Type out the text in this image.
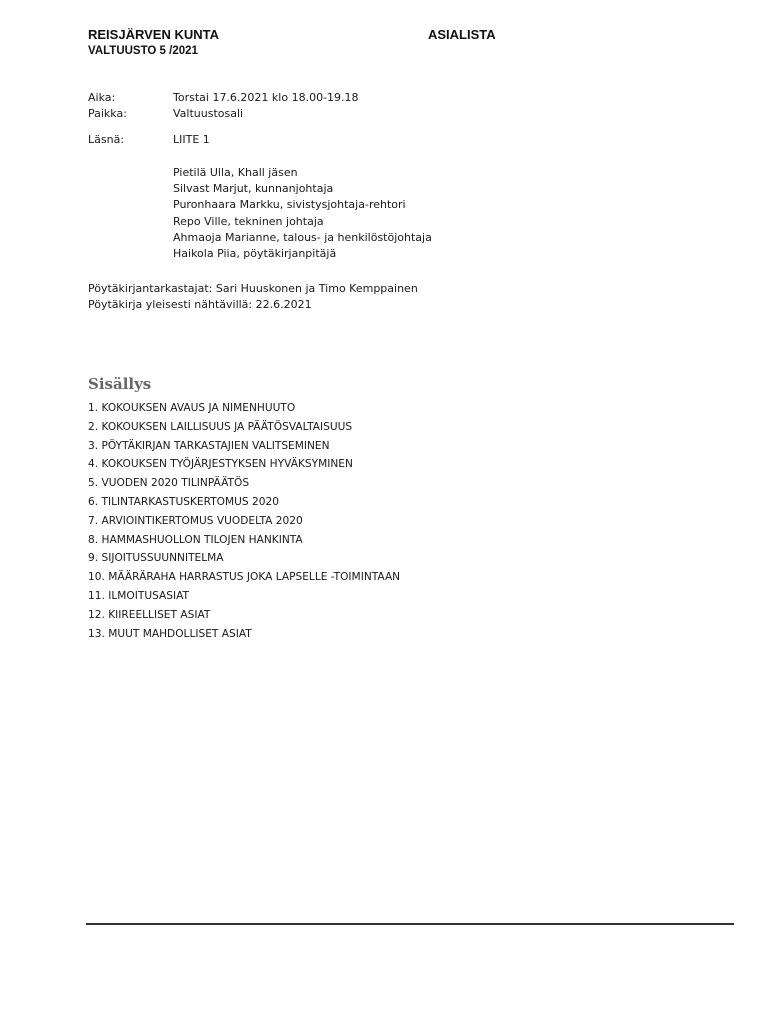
REISJÄRVEN KUNTA

VALTUUSTO 5 /2021

ASIALISTA

Aika:	Torstai 17.6.2021 klo 18.00-19.18
Paikka:	Valtuustosali
Läsnä:	LIITE 1
Pietilä Ulla, Khall jäsen
Silvast Marjut, kunnanjohtaja
Puronhaara Markku, sivistysjohtaja-rehtori
Repo Ville, tekninen johtaja
Ahmaoja Marianne, talous- ja henkilöstöjohtaja
Haikola Piia, pöytäkirjanpitäjä
Pöytäkirjantarkastajat: Sari Huuskonen ja Timo Kemppainen
Pöytäkirja yleisesti nähtävillä: 22.6.2021
Sisällys
1. KOKOUKSEN AVAUS JA NIMENHUUTO
2. KOKOUKSEN LAILLISUUS JA PÄÄTÖSVALTAISUUS
3. PÖYTÄKIRJAN TARKASTAJIEN VALITSEMINEN
4. KOKOUKSEN TYÖJÄRJESTYKSEN HYVÄKSYMINEN
5. VUODEN 2020 TILINPÄÄTÖS
6. TILINTARKASTUSKERTOMUS 2020
7. ARVIOINTIKERTOMUS VUODELTA 2020
8. HAMMASHUOLLON TILOJEN HANKINTA
9. SIJOITUSSUUNNITELMA
10. MÄÄRÄRAHA HARRASTUS JOKA LAPSELLE -TOIMINTAAN
11. ILMOITUSASIAT
12. KIIREELLISET ASIAT
13. MUUT MAHDOLLISET ASIAT
